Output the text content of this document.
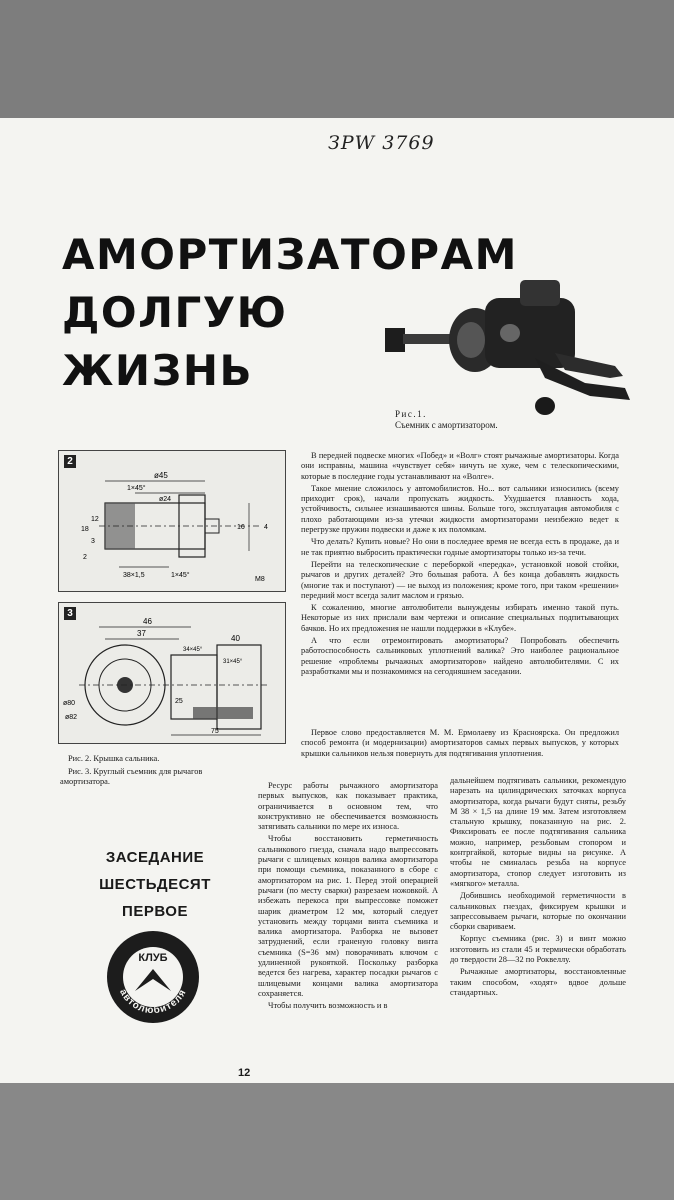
ЗРW 3769
АМОРТИЗАТОРАМ
ДОЛГУЮ
ЖИЗНЬ
Рис.1.
Съемник с амортизатором.
2
ø45
1×45°
ø24
38×1,5	1×45°
М8
18
12
3
2
16	4
3
46
37
40
ø80
ø82
75
25
34×45°
31×45°

В передней подвеске многих «Побед» и «Волг» стоят рычажные амортизаторы. Когда они исправны, машина «чувствует себя» ничуть не хуже, чем с телескопическими, которые в последние годы устанавливают на «Волге».

Такое мнение сложилось у автомобилистов. Но... вот сальники износились (всему приходит срок), начали пропускать жидкость. Ухудшается плавность хода, устойчивость, сильнее изнашиваются шины. Больше того, эксплуатация автомобиля с плохо работающими из-за утечки жидкости амортизаторами неизбежно ведет к перегрузке пружин подвески и даже к их поломкам.

Что делать? Купить новые? Но они в последнее время не всегда есть в продаже, да и не так приятно выбросить практически годные амортизаторы только из-за течи.

Перейти на телескопические с переборкой «передка», установкой новой стойки, рычагов и других деталей? Это большая работа. А без конца добавлять жидкость (многие так и поступают) — не выход из положения; кроме того, при таком «решении» передний мост всегда залит маслом и грязью.

К сожалению, многие автолюбители вынуждены избирать именно такой путь. Некоторые из них прислали вам чертежи и описание специальных подпитывающих бачков. Но их предложения не нашли поддержки в «Клубе».

А что если отремонтировать амортизаторы? Попробовать обеспечить работоспособность сальниковых уплотнений валика? Это наиболее рациональное решение «проблемы рычажных амортизаторов» найдено автолюбителями. С их разработками мы и познакомимся на сегодняшнем заседании.

Первое слово предоставляется М. М. Ермолаеву из Красноярска. Он предложил способ ремонта (и модернизации) амортизаторов самых первых выпусков, у которых крышки сальников нельзя повернуть для подтягивания уплотнения.

Рис. 2. Крышка сальника.

Рис. 3. Круглый съемник для рычагов амортизатора.

ЗАСЕДАНИЕ
ШЕСТЬДЕСЯТ
ПЕРВОЕ
КЛУБ
автолюбителя

Ресурс работы рычажного амортизатора первых выпусков, как показывает практика, ограничивается в основном тем, что конструктивно не обеспечивается возможность затягивать сальники по мере их износа.

Чтобы восстановить герметичность сальникового гнезда, сначала надо выпрессовать рычаги с шлицевых концов валика амортизатора при помощи съемника, показанного в сборе с амортизатором на рис. 1. Перед этой операцией рычаги (по месту сварки) разрезаем ножовкой. А избежать перекоса при выпрессовке поможет шарик диаметром 12 мм, который следует установить между торцами винта съемника и валика амортизатора. Разборка не вызовет затруднений, если граненую головку винта съемника (S=36 мм) поворачивать ключом с удлиненной рукояткой. Поскольку разборка ведется без нагрева, характер посадки рычагов с шлицевыми концами валика амортизатора сохраняется.

Чтобы получить возможность и в

дальнейшем подтягивать сальники, рекомендую нарезать на цилиндрических заточках корпуса амортизатора, когда рычаги будут сняты, резьбу М 38 × 1,5 на длине 19 мм. Затем изготовляем стальную крышку, показанную на рис. 2. Фиксировать ее после подтягивания сальника можно, например, резьбовым стопором и контргайкой, которые видны на рисунке. А чтобы не сминалась резьба на корпусе амортизатора, стопор следует изготовить из «мягкого» металла.

Добившись необходимой герметичности в сальниковых гнездах, фиксируем крышки и запрессовываем рычаги, которые по окончании сборки свариваем.

Корпус съемника (рис. 3) и винт можно изготовить из стали 45 и термически обработать до твердости 28—32 по Роквеллу.

Рычажные амортизаторы, восстановленные таким способом, «ходят» вдвое дольше стандартных.

12
